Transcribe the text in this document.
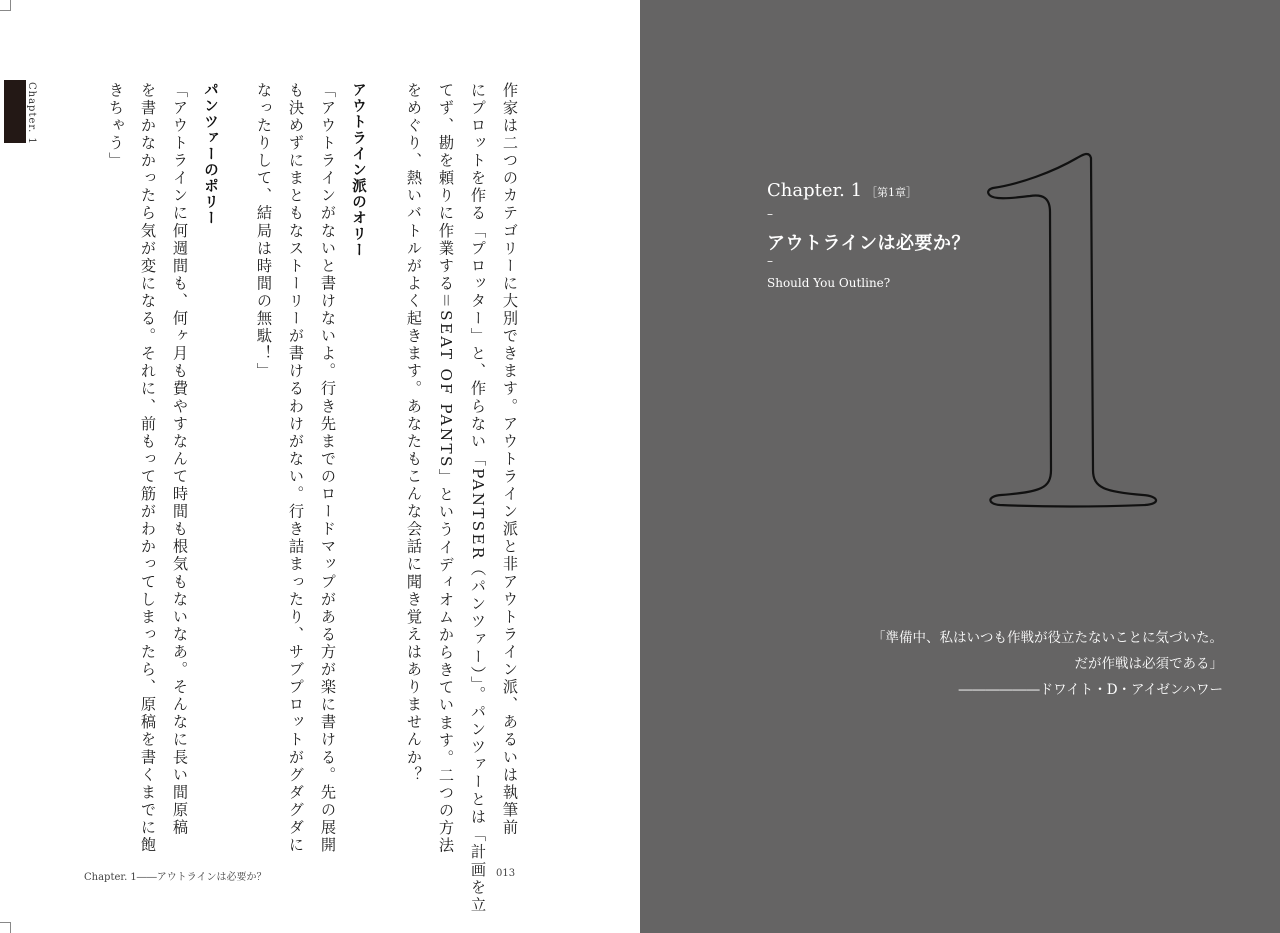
Chapter. 1	作家は二つのカテゴリーに大別できます。アウトライン派と非アウトライン派、あるいは執筆前
にプロットを作る「プロッター」と、作らない「PANTSER（パンツァー）」。パンツァーとは「計画を立
てず、勘を頼りに作業する＝SEAT OF PANTS」というイディオムからきています。二つの方法
をめぐり、熱いバトルがよく起きます。あなたもこんな会話に聞き覚えはありませんか？
アウトライン派のオリー
「アウトラインがないと書けないよ。行き先までのロードマップがある方が楽に書ける。先の展開
も決めずにまともなストーリーが書けるわけがない。行き詰まったり、サブプロットがグダグダに
なったりして、結局は時間の無駄！」
パンツァーのポリー
「アウトラインに何週間も、何ヶ月も費やすなんて時間も根気もないなあ。そんなに長い間原稿
を書かなかったら気が変になる。それに、前もって筋がわかってしまったら、原稿を書くまでに飽
きちゃう」
Chapter. 1――アウトラインは必要か？	013
Chapter. 1 ［第1章］
–
アウトラインは必要か？
–
Should You Outline?
「準備中、私はいつも作戦が役立たないことに気づいた。
だが作戦は必須である」
――――――ドワイト・D・アイゼンハワー
